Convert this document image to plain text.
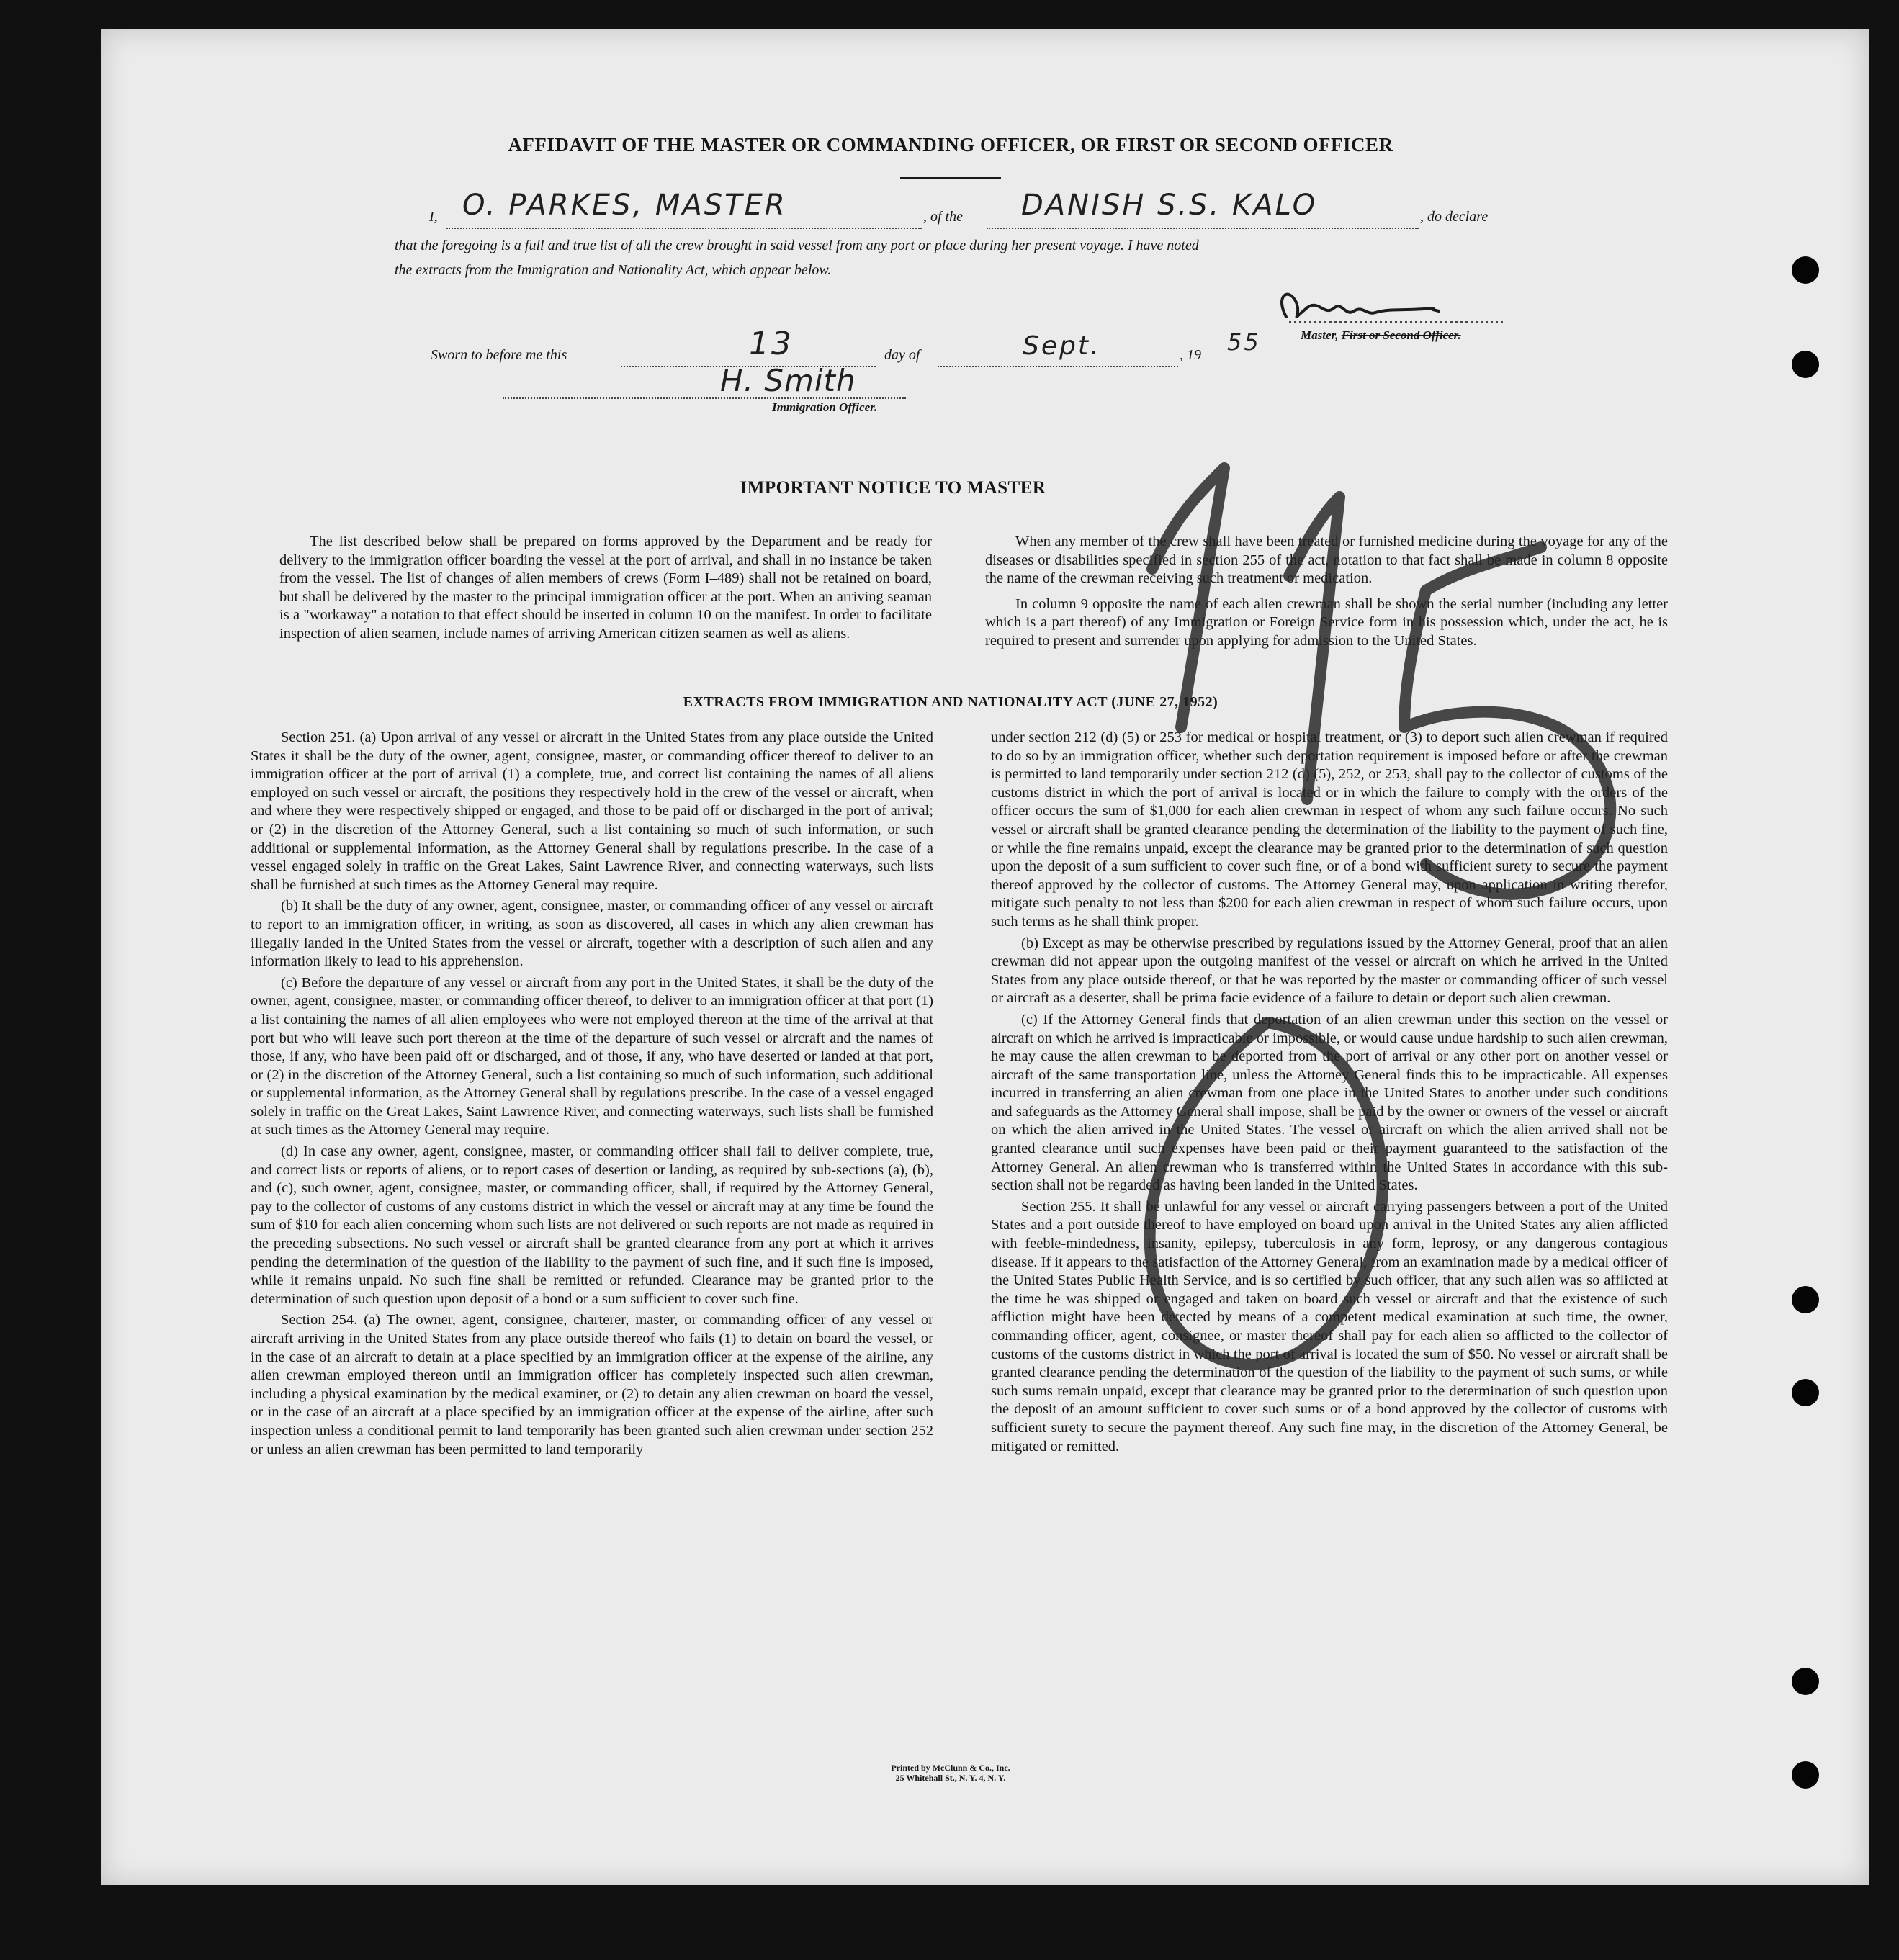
AFFIDAVIT OF THE MASTER OR COMMANDING OFFICER, OR FIRST OR SECOND OFFICER
I, O. PARKES, MASTER	, of the DANISH S.S. KALO	, do declare
that the foregoing is a full and true list of all the crew brought in said vessel from any port or place during her present voyage. I have noted
the extracts from the Immigration and Nationality Act, which appear below.
Master, First or Second Officer.
Sworn to before me this	13	day of	Sept.	, 19 55
H. Smith
Immigration Officer.
IMPORTANT NOTICE TO MASTER

The list described below shall be prepared on forms approved by the Department and be ready for delivery to the immigration officer boarding the vessel at the port of arrival, and shall in no instance be taken from the vessel. The list of changes of alien members of crews (Form I–489) shall not be retained on board, but shall be delivered by the master to the principal immigration officer at the port. When an arriving seaman is a "workaway" a notation to that effect should be inserted in column 10 on the manifest. In order to facilitate inspection of alien seamen, include names of arriving American citizen seamen as well as aliens.

When any member of the crew shall have been treated or furnished medicine during the voyage for any of the diseases or disabilities specified in section 255 of the act, notation to that fact shall be made in column 8 opposite the name of the crewman receiving such treatment or medication.

In column 9 opposite the name of each alien crewman shall be shown the serial number (including any letter which is a part thereof) of any Immigration or Foreign Service form in his possession which, under the act, he is required to present and surrender upon applying for admission to the United States.

EXTRACTS FROM IMMIGRATION AND NATIONALITY ACT (JUNE 27, 1952)

Section 251. (a) Upon arrival of any vessel or aircraft in the United States from any place outside the United States it shall be the duty of the owner, agent, consignee, master, or commanding officer thereof to deliver to an immigration officer at the port of arrival (1) a complete, true, and correct list containing the names of all aliens employed on such vessel or aircraft, the positions they respectively hold in the crew of the vessel or aircraft, when and where they were respectively shipped or engaged, and those to be paid off or discharged in the port of arrival; or (2) in the discretion of the Attorney General, such a list containing so much of such information, or such additional or supplemental information, as the Attorney General shall by regulations prescribe. In the case of a vessel engaged solely in traffic on the Great Lakes, Saint Lawrence River, and connecting waterways, such lists shall be furnished at such times as the Attorney General may require.

(b) It shall be the duty of any owner, agent, consignee, master, or commanding officer of any vessel or aircraft to report to an immigration officer, in writing, as soon as discovered, all cases in which any alien crewman has illegally landed in the United States from the vessel or aircraft, together with a description of such alien and any information likely to lead to his apprehension.

(c) Before the departure of any vessel or aircraft from any port in the United States, it shall be the duty of the owner, agent, consignee, master, or commanding officer thereof, to deliver to an immigration officer at that port (1) a list containing the names of all alien employees who were not employed thereon at the time of the arrival at that port but who will leave such port thereon at the time of the departure of such vessel or aircraft and the names of those, if any, who have been paid off or discharged, and of those, if any, who have deserted or landed at that port, or (2) in the discretion of the Attorney General, such a list containing so much of such information, such additional or supplemental information, as the Attorney General shall by regulations prescribe. In the case of a vessel engaged solely in traffic on the Great Lakes, Saint Lawrence River, and connecting waterways, such lists shall be furnished at such times as the Attorney General may require.

(d) In case any owner, agent, consignee, master, or commanding officer shall fail to deliver complete, true, and correct lists or reports of aliens, or to report cases of desertion or landing, as required by sub-sections (a), (b), and (c), such owner, agent, consignee, master, or commanding officer, shall, if required by the Attorney General, pay to the collector of customs of any customs district in which the vessel or aircraft may at any time be found the sum of $10 for each alien concerning whom such lists are not delivered or such reports are not made as required in the preceding subsections. No such vessel or aircraft shall be granted clearance from any port at which it arrives pending the determination of the question of the liability to the payment of such fine, and if such fine is imposed, while it remains unpaid. No such fine shall be remitted or refunded. Clearance may be granted prior to the determination of such question upon deposit of a bond or a sum sufficient to cover such fine.

Section 254. (a) The owner, agent, consignee, charterer, master, or commanding officer of any vessel or aircraft arriving in the United States from any place outside thereof who fails (1) to detain on board the vessel, or in the case of an aircraft to detain at a place specified by an immigration officer at the expense of the airline, any alien crewman employed thereon until an immigration officer has completely inspected such alien crewman, including a physical examination by the medical examiner, or (2) to detain any alien crewman on board the vessel, or in the case of an aircraft at a place specified by an immigration officer at the expense of the airline, after such inspection unless a conditional permit to land temporarily has been granted such alien crewman under section 252 or unless an alien crewman has been permitted to land temporarily

under section 212 (d) (5) or 253 for medical or hospital treatment, or (3) to deport such alien crewman if required to do so by an immigration officer, whether such deportation requirement is imposed before or after the crewman is permitted to land temporarily under section 212 (d) (5), 252, or 253, shall pay to the collector of customs of the customs district in which the port of arrival is located or in which the failure to comply with the orders of the officer occurs the sum of $1,000 for each alien crewman in respect of whom any such failure occurs. No such vessel or aircraft shall be granted clearance pending the determination of the liability to the payment of such fine, or while the fine remains unpaid, except the clearance may be granted prior to the determination of such question upon the deposit of a sum sufficient to cover such fine, or of a bond with sufficient surety to secure the payment thereof approved by the collector of customs. The Attorney General may, upon application in writing therefor, mitigate such penalty to not less than $200 for each alien crewman in respect of whom such failure occurs, upon such terms as he shall think proper.

(b) Except as may be otherwise prescribed by regulations issued by the Attorney General, proof that an alien crewman did not appear upon the outgoing manifest of the vessel or aircraft on which he arrived in the United States from any place outside thereof, or that he was reported by the master or commanding officer of such vessel or aircraft as a deserter, shall be prima facie evidence of a failure to detain or deport such alien crewman.

(c) If the Attorney General finds that deportation of an alien crewman under this section on the vessel or aircraft on which he arrived is impracticable or impossible, or would cause undue hardship to such alien crewman, he may cause the alien crewman to be deported from the port of arrival or any other port on another vessel or aircraft of the same transportation line, unless the Attorney General finds this to be impracticable. All expenses incurred in transferring an alien crewman from one place in the United States to another under such conditions and safeguards as the Attorney General shall impose, shall be paid by the owner or owners of the vessel or aircraft on which the alien arrived in the United States. The vessel or aircraft on which the alien arrived shall not be granted clearance until such expenses have been paid or their payment guaranteed to the satisfaction of the Attorney General. An alien crewman who is transferred within the United States in accordance with this sub-section shall not be regarded as having been landed in the United States.

Section 255. It shall be unlawful for any vessel or aircraft carrying passengers between a port of the United States and a port outside thereof to have employed on board upon arrival in the United States any alien afflicted with feeble-mindedness, insanity, epilepsy, tuberculosis in any form, leprosy, or any dangerous contagious disease. If it appears to the satisfaction of the Attorney General, from an examination made by a medical officer of the United States Public Health Service, and is so certified by such officer, that any such alien was so afflicted at the time he was shipped or engaged and taken on board such vessel or aircraft and that the existence of such affliction might have been detected by means of a competent medical examination at such time, the owner, commanding officer, agent, consignee, or master thereof shall pay for each alien so afflicted to the collector of customs of the customs district in which the port of arrival is located the sum of $50. No vessel or aircraft shall be granted clearance pending the determination of the question of the liability to the payment of such sums, or while such sums remain unpaid, except that clearance may be granted prior to the determination of such question upon the deposit of an amount sufficient to cover such sums or of a bond approved by the collector of customs with sufficient surety to secure the payment thereof. Any such fine may, in the discretion of the Attorney General, be mitigated or remitted.

Printed by McClunn & Co., Inc.
25 Whitehall St., N. Y. 4, N. Y.
